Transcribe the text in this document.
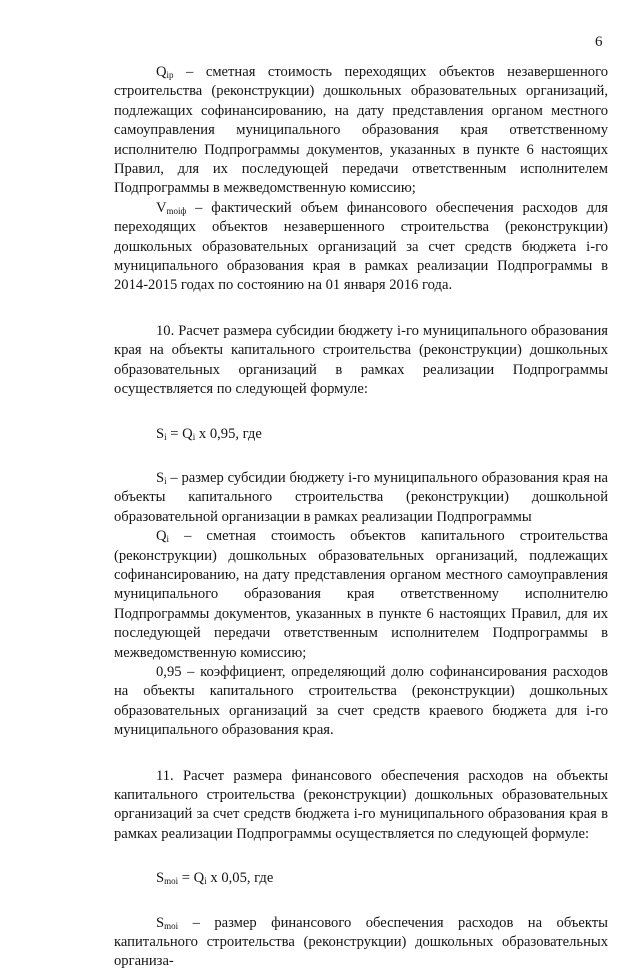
6

$Q_{ip}$ – сметная стоимость переходящих объектов незавершенного строительства (реконструкции) дошкольных образовательных организаций, подлежащих софинансированию, на дату представления органом местного самоуправления муниципального образования края ответственному исполнителю Подпрограммы документов, указанных в пункте 6 настоящих Правил, для их последующей передачи ответственным исполнителем Подпрограммы в межведомственную комиссию;

$V_{moiф}$ – фактический объем финансового обеспечения расходов для переходящих объектов незавершенного строительства (реконструкции) дошкольных образовательных организаций за счет средств бюджета i-го муниципального образования края в рамках реализации Подпрограммы в 2014-2015 годах по состоянию на 01 января 2016 года.

10. Расчет размера субсидии бюджету i-го муниципального образования края на объекты капитального строительства (реконструкции) дошкольных образовательных организаций в рамках реализации Подпрограммы осуществляется по следующей формуле:

$S_i = Q_i$ х 0,95, где

$S_i$ – размер субсидии бюджету i-го муниципального образования края на объекты капитального строительства (реконструкции) дошкольной образовательной организации в рамках реализации Подпрограммы

$Q_i$ – сметная стоимость объектов капитального строительства (реконструкции) дошкольных образовательных организаций, подлежащих софинансированию, на дату представления органом местного самоуправления муниципального образования края ответственному исполнителю Подпрограммы документов, указанных в пункте 6 настоящих Правил, для их последующей передачи ответственным исполнителем Подпрограммы в межведомственную комиссию;

0,95 – коэффициент, определяющий долю софинансирования расходов на объекты капитального строительства (реконструкции) дошкольных образовательных организаций за счет средств краевого бюджета для i-го муниципального образования края.

11. Расчет размера финансового обеспечения расходов на объекты капитального строительства (реконструкции) дошкольных образовательных организаций за счет средств бюджета i-го муниципального образования края в рамках реализации Подпрограммы осуществляется по следующей формуле:

$S_{moi} = Q_i$ х 0,05, где

$S_{moi}$ – размер финансового обеспечения расходов на объекты капитального строительства (реконструкции) дошкольных образовательных организа-
